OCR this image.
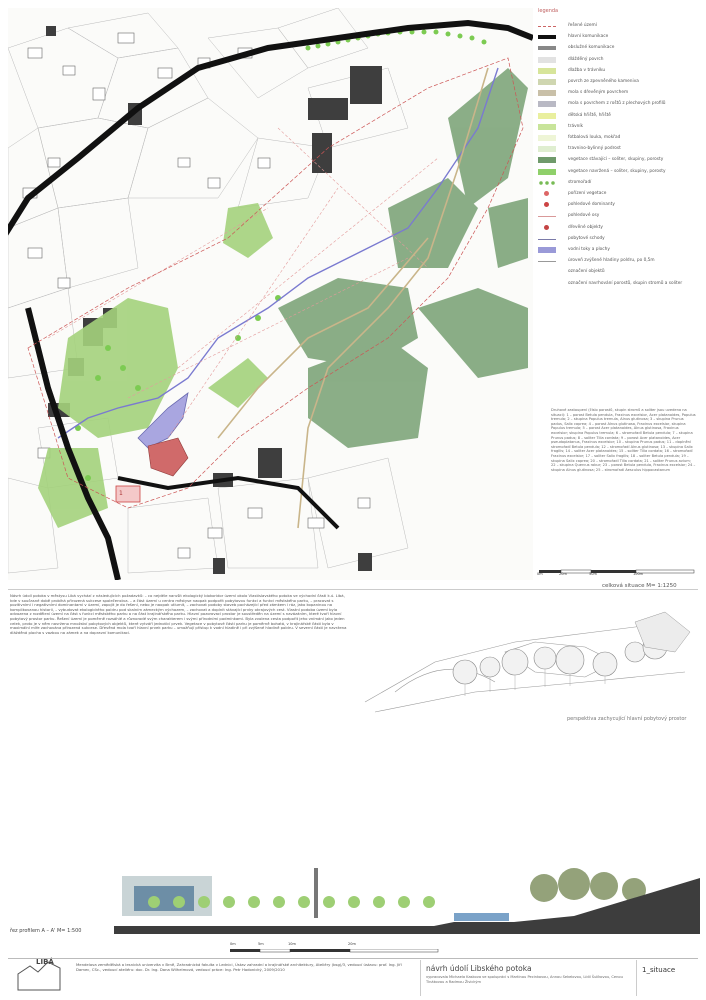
1
legenda
řešené území
hlavní komunikace
obslužné komunikace
dlážděný povrch
dlažba v trávníku
povrch ze zpevněného kameniva
mola s dřevěným povrchem
mola s povrchem z roštů z plechových profilů
dětská hřiště, hřiště
trávník
fotbalová louka, mokřad
travnino-bylinný podrost
vegetace stávající – soliter, skupiny, porosty
vegetace navržená – soliter, skupiny, porosty
stromořadí
pořízení vegetace
pohledové dominanty
pohledové osy
dřevěné objekty
pobytové schody
vodní toky a plochy
úroveň zvýšené hladiny poldru, po 0,5m
označení objektů
označení navrhování porostů, skupin stromů a soliter
Druhové zastoupení (číslo porostů, skupin stromů a soliter jsou uvedena na situaci): 1 – porost Betula pendula, Fraxinus excelsior, Acer platanoides, Populus tremula; 2 – skupina Populus tremula, Alnus glutinosa; 3 – skupina Prunus padus, Salix caprea; 4 – porost Alnus glutinosa, Fraxinus excelsior, skupina Populus tremula; 5 – porost Acer platanoides, Alnus glutinosa, Fraxinus excelsior; skupina Populus tremula; 6 – stromořadí Betula pendula; 7 – skupina Prunus padus; 8 – soliter Tilia cordata; 9 – porost Acer platanoides, Acer pseudoplatanus, Fraxinus excelsior; 10 – skupina Prunus padus; 11 – doplnění stromořadí Betula pendula; 12 – stromořadí Alnus glutinosa; 13 – skupina Salix fragilis; 14 – soliter Acer platanoides; 15 – soliter Tilia cordata; 16 – stromořadí Fraxinus excelsior; 17 – soliter Salix fragilis; 18 – soliter Betula pendula; 19 – skupina Salix caprea; 20 – stromořadí Tilia cordata; 21 – soliter Prunus avium; 22 – skupina Quercus robur; 23 – porost Betula pendula, Fraxinus excelsior; 24 – skupina Alnus glutinosa; 25 – stromořadí Aesculus hippocastanum
0m	20m	50m	100m
celková situace M= 1:1250
Návrh údolí potoka v městysu Libá vychází z následujících požadavků: – co nejdéle narušit ekologický biokoridor území okolo Vlastislavského potoka ve východní části k.ú. Libá, kde v současné době probíhá přirozená sukcese společenstva. – a část území u centra městyse naopak podpořit pobytovou funkci a funkci městského parku, – pracovat s pozitivními i negativními dominantami v území, zapojit je do řešení, nebo je naopak utlumit, – zachovat podoby staveb pocházející před zámkem i ráz, jako kopaninou na komplikovanou historii, – vybudovat ekologického poldru pod skalním zámeckým výchozem, – zachovat a doplnit stávající prvky okrajových cest. Vlastní podoba území byla odvozena z rozdělení území na část s funkcí městského parku a na část krajinářského parku. Hlavní pozorovací prostor je soustředěn na území s navázáním, které tvoří hlavní pobytový prostor parku. Řešení území je poměrně rozsáhlé a různorodé svým charakterem i svými přírodními podmínkami. Byla zvolena cesta podpořit jeho vnímání jako jeden celek, proto je v něm navrženo množství pobytových objektů, které vytváří jednotící prvek. Vegetace v pobytové části parku je poměrně bohatá, v krajinářské části byla v maximální míře zachována přirozená sukcese. Dřevěná mola tvoří hlavní prvek parku – umožňují přístup k vodní hladině i při zvýšené hladině poldru. V severní části je navržena dlážděná plocha s vazbou na zámek a na dopravní komunikaci.
perspektiva zachycující hlavní pobytový prostor
řez profilem A – A' M= 1:500
LIBÁ	Mendelova zemědělská a lesnická univerzita v Brně, Zahradnická fakulta v Lednici, Ústav zahradní a krajinářské architektury, Ateliéry (bsg)/3, vedoucí ústavu: prof. Ing. Jiří Damec, CSc., vedoucí ateliéru: doc. Dr. Ing. Dana Wilhelmová, vedoucí práce: Ing. Petr Hodonický, 2009/2010	návrh údolí Libského potoka
vypracovala Michaela Kaskova ve spolupráci s Martinou Pecinkovou, Annou Sekelovou, Lídií Šulíkovou, Cenou Tinákovou a Radmou Živickým
1_situace
0m	5m	10m	20m
